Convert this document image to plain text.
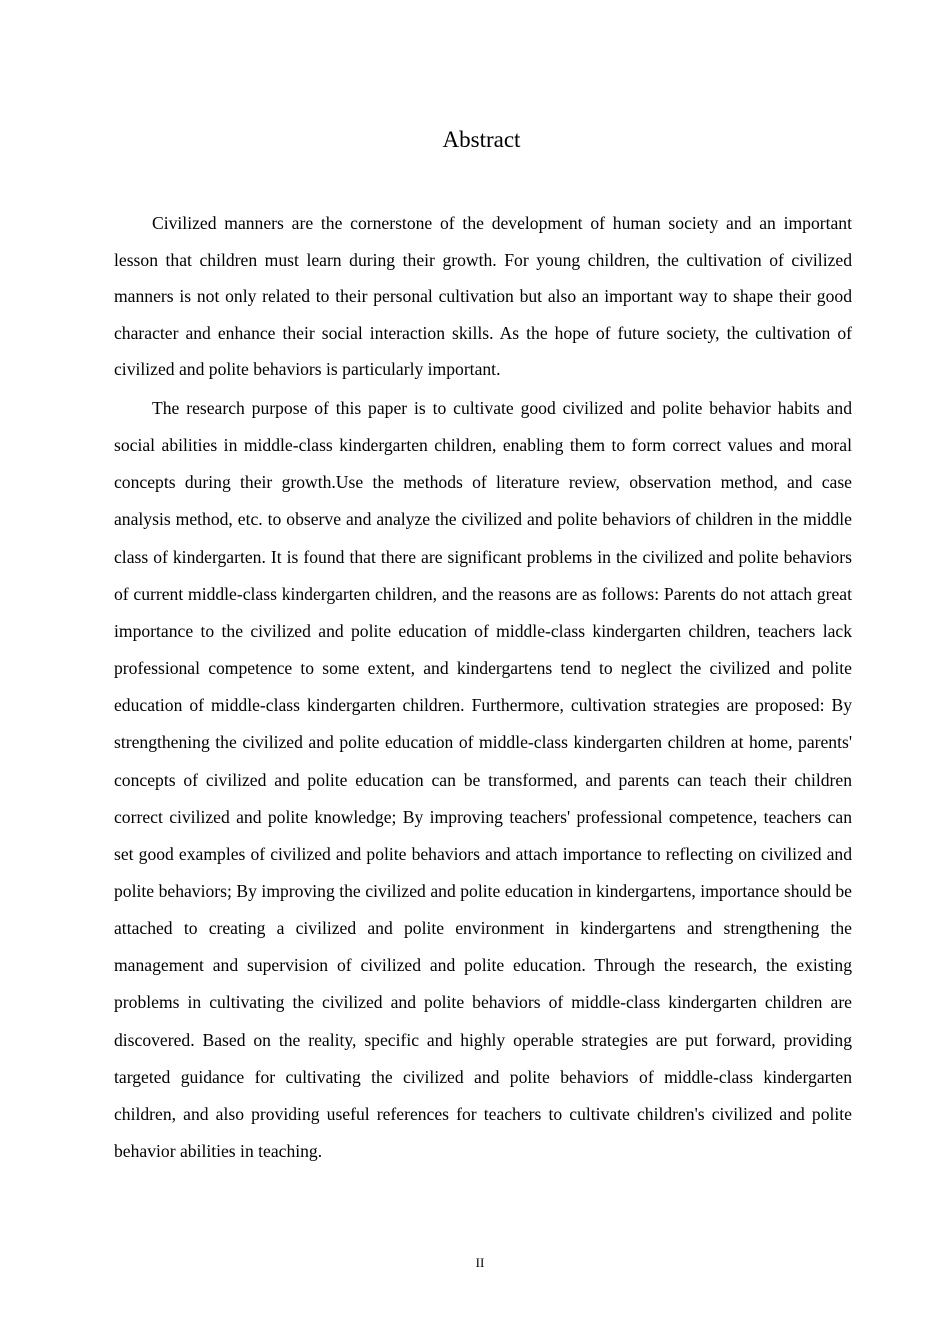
Abstract

Civilized manners are the cornerstone of the development of human society and an important lesson that children must learn during their growth. For young children, the cultivation of civilized manners is not only related to their personal cultivation but also an important way to shape their good character and enhance their social interaction skills. As the hope of future society, the cultivation of civilized and polite behaviors is particularly important.

The research purpose of this paper is to cultivate good civilized and polite behavior habits and social abilities in middle-class kindergarten children, enabling them to form correct values and moral concepts during their growth.Use the methods of literature review, observation method, and case analysis method, etc. to observe and analyze the civilized and polite behaviors of children in the middle class of kindergarten. It is found that there are significant problems in the civilized and polite behaviors of current middle-class kindergarten children, and the reasons are as follows: Parents do not attach great importance to the civilized and polite education of middle-class kindergarten children, teachers lack professional competence to some extent, and kindergartens tend to neglect the civilized and polite education of middle-class kindergarten children. Furthermore, cultivation strategies are proposed: By strengthening the civilized and polite education of middle-class kindergarten children at home, parents' concepts of civilized and polite education can be transformed, and parents can teach their children correct civilized and polite knowledge; By improving teachers' professional competence, teachers can set good examples of civilized and polite behaviors and attach importance to reflecting on civilized and polite behaviors; By improving the civilized and polite education in kindergartens, importance should be attached to creating a civilized and polite environment in kindergartens and strengthening the management and supervision of civilized and polite education. Through the research, the existing problems in cultivating the civilized and polite behaviors of middle-class kindergarten children are discovered. Based on the reality, specific and highly operable strategies are put forward, providing targeted guidance for cultivating the civilized and polite behaviors of middle-class kindergarten children, and also providing useful references for teachers to cultivate children's civilized and polite behavior abilities in teaching.

II
